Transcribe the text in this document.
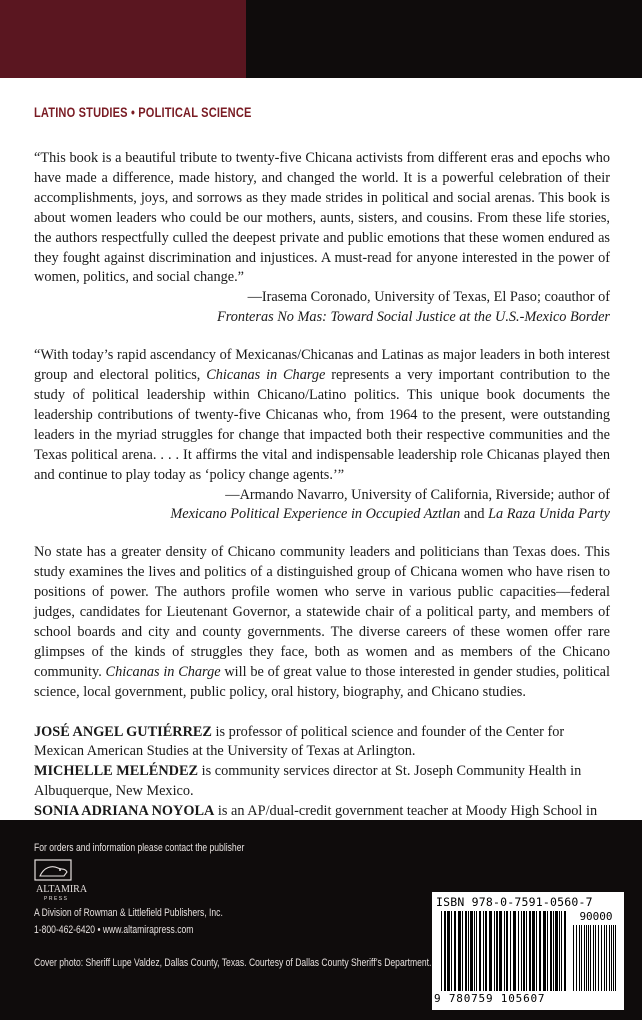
LATINO STUDIES • POLITICAL SCIENCE

“This book is a beautiful tribute to twenty-five Chicana activists from different eras and epochs who have made a difference, made history, and changed the world. It is a powerful celebration of their accomplishments, joys, and sorrows as they made strides in political and social arenas. This book is about women leaders who could be our mothers, aunts, sisters, and cousins. From these life stories, the authors respectfully culled the deepest private and public emotions that these women endured as they fought against discrimination and injustices. A must-read for anyone interested in the power of women, politics, and social change.”

—Irasema Coronado, University of Texas, El Paso; coauthor of

Fronteras No Mas: Toward Social Justice at the U.S.-Mexico Border

“With today’s rapid ascendancy of Mexicanas/Chicanas and Latinas as major leaders in both interest group and electoral politics, Chicanas in Charge represents a very important contribution to the study of political leadership within Chicano/Latino politics. This unique book documents the leadership contributions of twenty-five Chicanas who, from 1964 to the present, were outstanding leaders in the myriad struggles for change that impacted both their respective communities and the Texas political arena. . . . It affirms the vital and indispensable leadership role Chicanas played then and continue to play today as ‘policy change agents.’”

—Armando Navarro, University of California, Riverside; author of

Mexicano Political Experience in Occupied Aztlan and La Raza Unida Party

No state has a greater density of Chicano community leaders and politicians than Texas does. This study examines the lives and politics of a distinguished group of Chicana women who have risen to positions of power. The authors profile women who serve in various public capacities—federal judges, candidates for Lieutenant Governor, a statewide chair of a political party, and members of school boards and city and county governments. The diverse careers of these women offer rare glimpses of the kinds of struggles they face, both as women and as members of the Chicano community. Chicanas in Charge will be of great value to those interested in gender studies, political science, local government, public policy, oral history, biography, and Chicano studies.

JOSÉ ANGEL GUTIÉRREZ is professor of political science and founder of the Center for Mexican American Studies at the University of Texas at Arlington.

MICHELLE MELÉNDEZ is community services director at St. Joseph Community Health in Albuquerque, New Mexico.

SONIA ADRIANA NOYOLA is an AP/dual-credit government teacher at Moody High School in

For orders and information please contact the publisher
ALTAMIRA
PRESS
A Division of Rowman & Littlefield Publishers, Inc.
1-800-462-6420 • www.altamirapress.com
Cover photo: Sheriff Lupe Valdez, Dallas County, Texas. Courtesy of Dallas County Sheriff’s Department.
ISBN 978-0-7591-0560-7
90000
9 780759 105607
